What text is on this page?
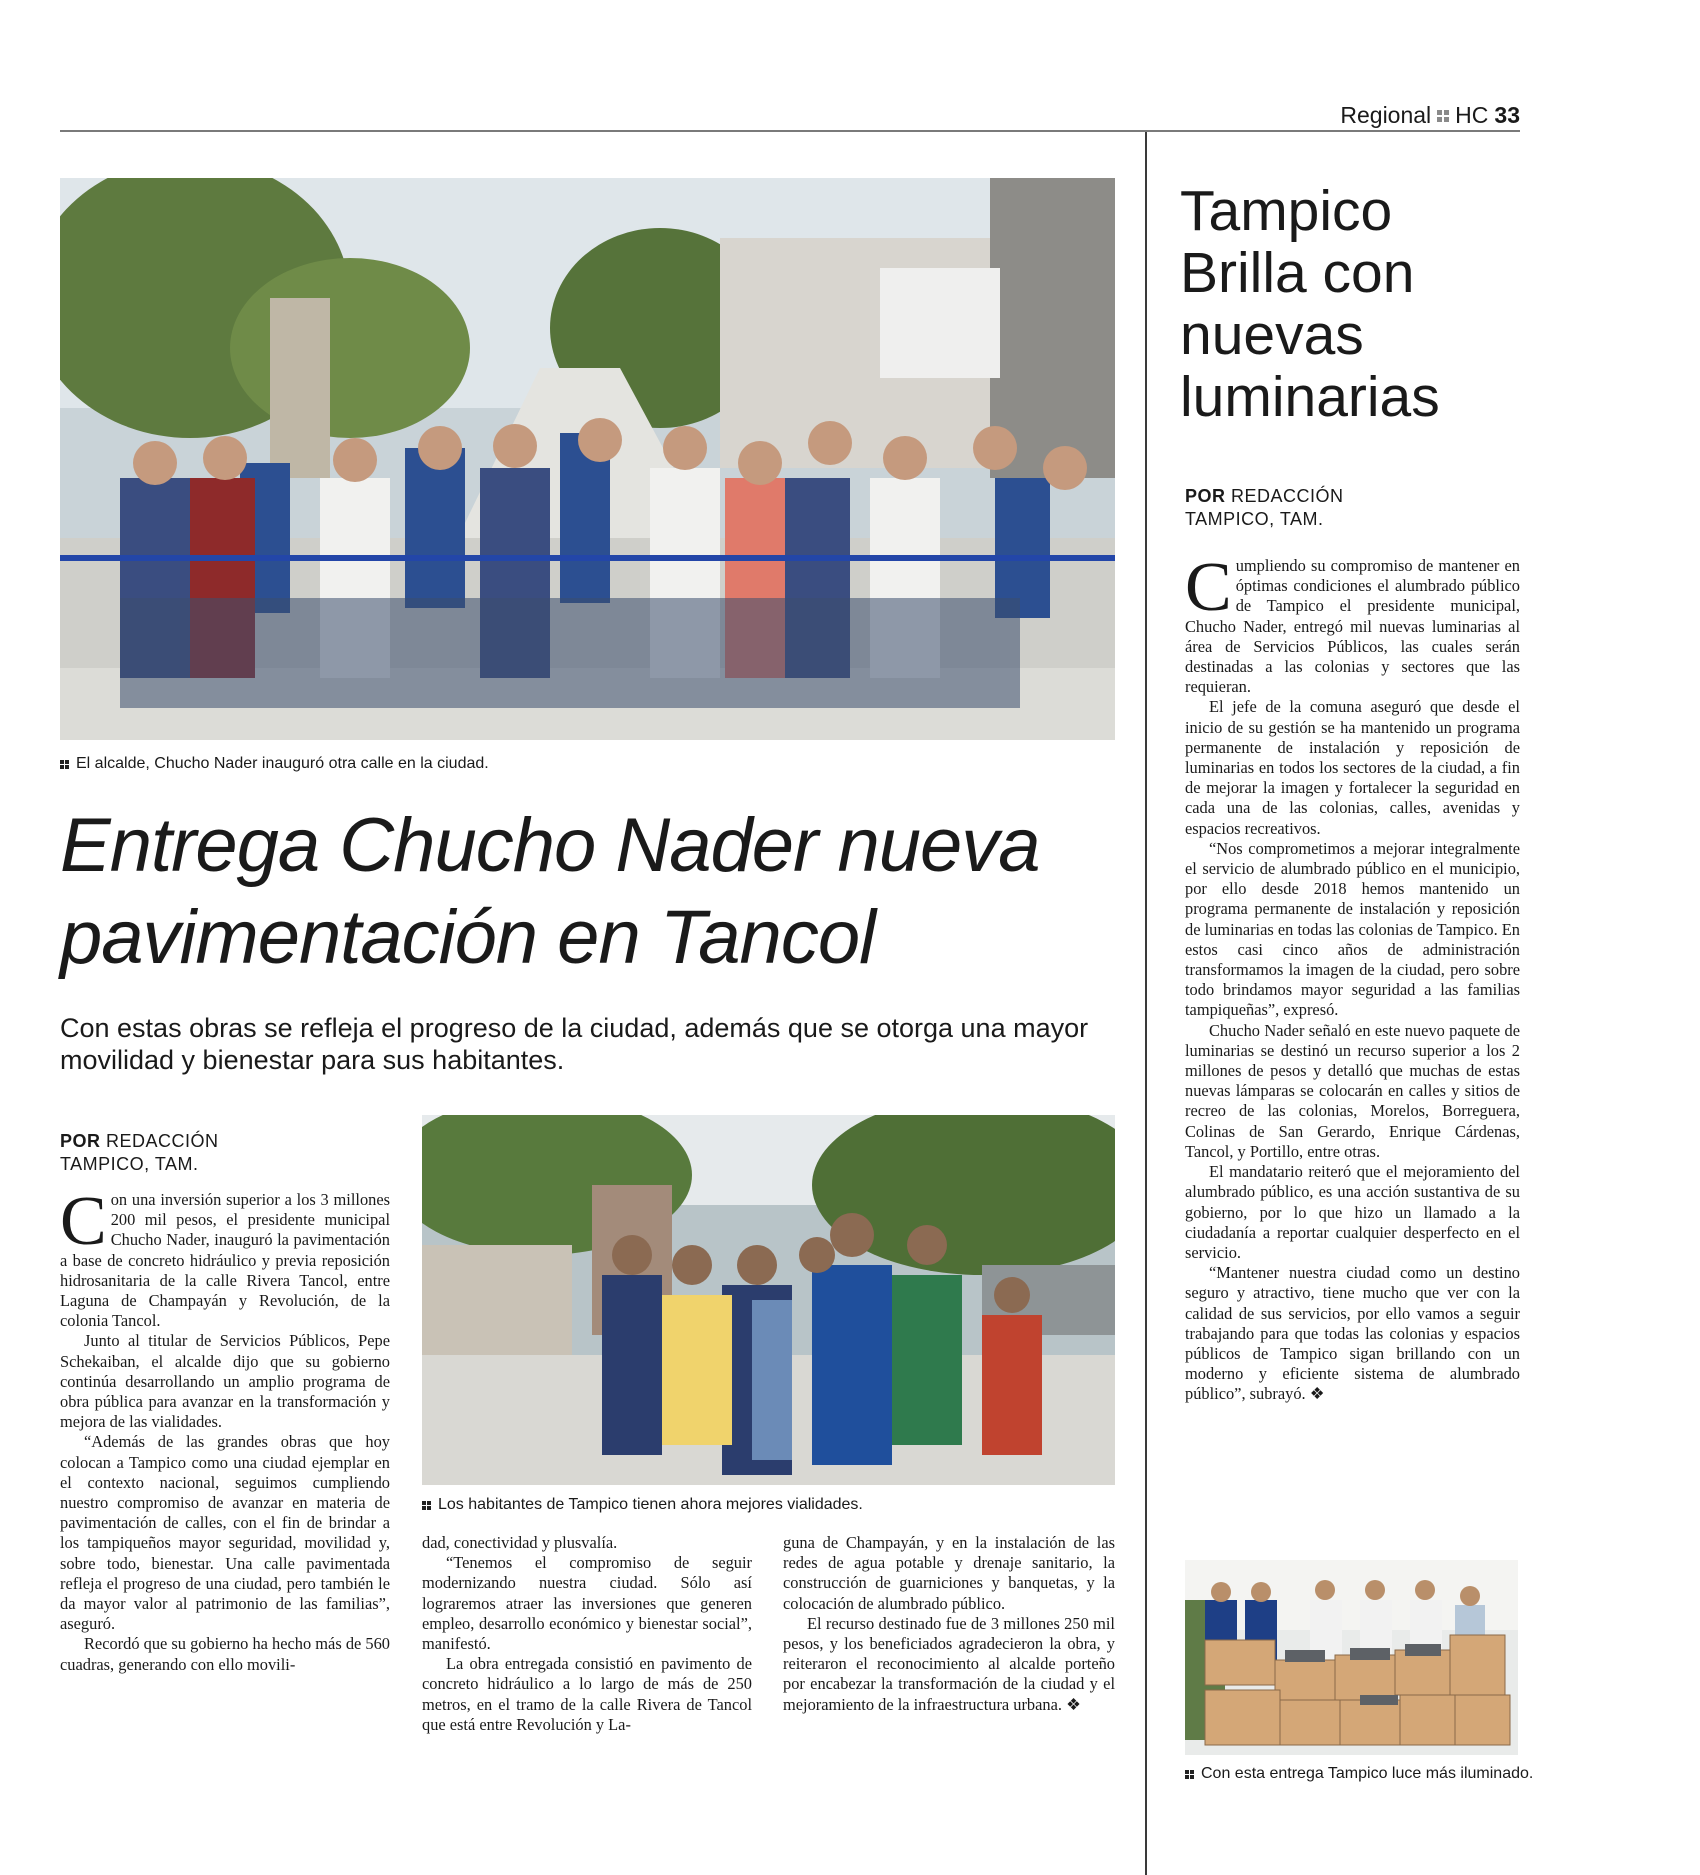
Regional HC 33
El alcalde, Chucho Nader inauguró otra calle en la ciudad.
Entrega Chucho Nader nueva
pavimentación en Tancol

Con estas obras se refleja el progreso de la ciudad, además que se otorga una mayor movilidad y bienestar para sus habitantes.

POR REDACCIÓN
TAMPICO, TAM.

Con una inversión superior a los 3 millones 200 mil pesos, el presidente municipal Chucho Nader, inauguró la pavimentación a base de concreto hidráulico y previa reposición hidrosanitaria de la calle Rivera Tancol, entre Laguna de Champayán y Revolución, de la colonia Tancol.

Junto al titular de Servicios Públicos, Pepe Schekaiban, el alcalde dijo que su gobierno continúa desarrollando un amplio programa de obra pública para avanzar en la transformación y mejora de las vialidades.

“Además de las grandes obras que hoy colocan a Tampico como una ciudad ejemplar en el contexto nacional, seguimos cumpliendo nuestro compromiso de avanzar en materia de pavimentación de calles, con el fin de brindar a los tampiqueños mayor seguridad, movilidad y, sobre todo, bienestar. Una calle pavimentada refleja el progreso de una ciudad, pero también le da mayor valor al patrimonio de las familias”, aseguró.

Recordó que su gobierno ha hecho más de 560 cuadras, generando con ello movili-

Los habitantes de Tampico tienen ahora mejores vialidades.

dad, conectividad y plusvalía.

“Tenemos el compromiso de seguir modernizando nuestra ciudad. Sólo así lograremos atraer las inversiones que generen empleo, desarrollo económico y bienestar social”, manifestó.

La obra entregada consistió en pavimento de concreto hidráulico a lo largo de más de 250 metros, en el tramo de la calle Rivera de Tancol que está entre Revolución y La-

guna de Champayán, y en la instalación de las redes de agua potable y drenaje sanitario, la construcción de guarniciones y banquetas, y la colocación de alumbrado público.

El recurso destinado fue de 3 millones 250 mil pesos, y los beneficiados agradecieron la obra, y reiteraron el reconocimiento al alcalde porteño por encabezar la transformación de la ciudad y el mejoramiento de la infraestructura urbana. ❖

Tampico Brilla con nuevas luminarias
POR REDACCIÓN
TAMPICO, TAM.

Cumpliendo su compromiso de mantener en óptimas condiciones el alumbrado público de Tampico el presidente municipal, Chucho Nader, entregó mil nuevas luminarias al área de Servicios Públicos, las cuales serán destinadas a las colonias y sectores que las requieran.

El jefe de la comuna aseguró que desde el inicio de su gestión se ha mantenido un programa permanente de instalación y reposición de luminarias en todos los sectores de la ciudad, a fin de mejorar la imagen y fortalecer la seguridad en cada una de las colonias, calles, avenidas y espacios recreativos.

“Nos comprometimos a mejorar integralmente el servicio de alumbrado público en el municipio, por ello desde 2018 hemos mantenido un programa permanente de instalación y reposición de luminarias en todas las colonias de Tampico. En estos casi cinco años de administración transformamos la imagen de la ciudad, pero sobre todo brindamos mayor seguridad a las familias tampiqueñas”, expresó.

Chucho Nader señaló en este nuevo paquete de luminarias se destinó un recurso superior a los 2 millones de pesos y detalló que muchas de estas nuevas lámparas se colocarán en calles y sitios de recreo de las colonias, Morelos, Borreguera, Colinas de San Gerardo, Enrique Cárdenas, Tancol, y Portillo, entre otras.

El mandatario reiteró que el mejoramiento del alumbrado público, es una acción sustantiva de su gobierno, por lo que hizo un llamado a la ciudadanía a reportar cualquier desperfecto en el servicio.

“Mantener nuestra ciudad como un destino seguro y atractivo, tiene mucho que ver con la calidad de sus servicios, por ello vamos a seguir trabajando para que todas las colonias y espacios públicos de Tampico sigan brillando con un moderno y eficiente sistema de alumbrado público”, subrayó. ❖

Con esta entrega Tampico luce más iluminado.
